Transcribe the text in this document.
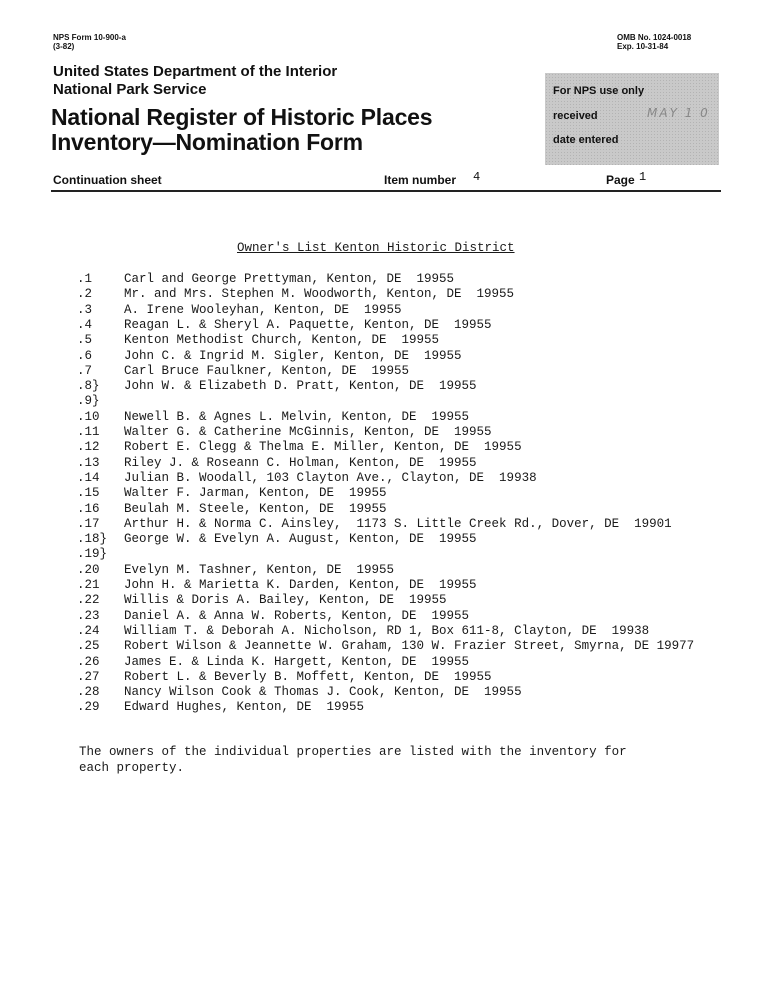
NPS Form 10-900-a
(3-82)
OMB No. 1024-0018
Exp. 10-31-84
United States Department of the Interior
National Park Service
National Register of Historic Places
Inventory—Nomination Form
For NPS use only
received	MAY 1 0
date entered
Continuation sheet	Item number 4	Page 1
Owner's List Kenton Historic District
.1	Carl and George Prettyman, Kenton, DE  19955
.2	Mr. and Mrs. Stephen M. Woodworth, Kenton, DE  19955
.3	A. Irene Wooleyhan, Kenton, DE  19955
.4	Reagan L. & Sheryl A. Paquette, Kenton, DE  19955
.5	Kenton Methodist Church, Kenton, DE  19955
.6	John C. & Ingrid M. Sigler, Kenton, DE  19955
.7	Carl Bruce Faulkner, Kenton, DE  19955
.8} John W. & Elizabeth D. Pratt, Kenton, DE  19955
.9}
.10 Newell B. & Agnes L. Melvin, Kenton, DE  19955
.11 Walter G. & Catherine McGinnis, Kenton, DE  19955
.12 Robert E. Clegg & Thelma E. Miller, Kenton, DE  19955
.13 Riley J. & Roseann C. Holman, Kenton, DE  19955
.14 Julian B. Woodall, 103 Clayton Ave., Clayton, DE  19938
.15 Walter F. Jarman, Kenton, DE  19955
.16 Beulah M. Steele, Kenton, DE  19955
.17 Arthur H. & Norma C. Ainsley,  1173 S. Little Creek Rd., Dover, DE  19901
.18} George W. & Evelyn A. August, Kenton, DE  19955
.19}
.20 Evelyn M. Tashner, Kenton, DE  19955
.21 John H. & Marietta K. Darden, Kenton, DE  19955
.22 Willis & Doris A. Bailey, Kenton, DE  19955
.23 Daniel A. & Anna W. Roberts, Kenton, DE  19955
.24 William T. & Deborah A. Nicholson, RD 1, Box 611-8, Clayton, DE  19938
.25 Robert Wilson & Jeannette W. Graham, 130 W. Frazier Street, Smyrna, DE 19977
.26 James E. & Linda K. Hargett, Kenton, DE  19955
.27 Robert L. & Beverly B. Moffett, Kenton, DE  19955
.28 Nancy Wilson Cook & Thomas J. Cook, Kenton, DE  19955
.29 Edward Hughes, Kenton, DE  19955
The owners of the individual properties are listed with the inventory for
each property.
